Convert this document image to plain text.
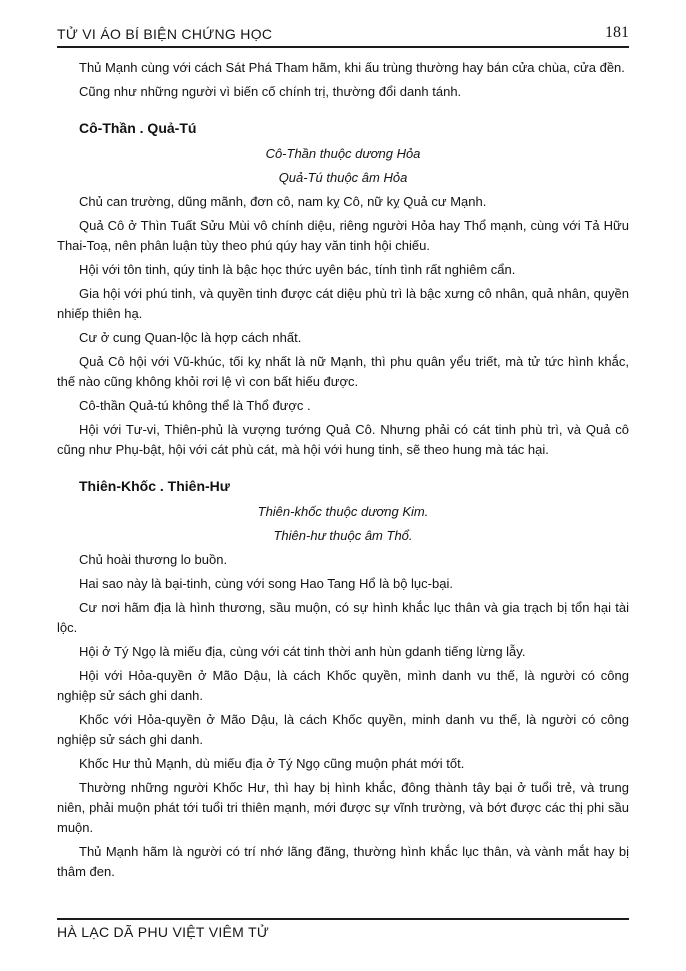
TỬ VI ÁO BÍ BIỆN CHỨNG HỌC	181

Thủ Mạnh cùng với cách Sát Phá Tham hãm, khi ấu trùng thường hay bán cửa chùa, cửa đền.

Cũng như những người vì biến cố chính trị, thường đổi danh tánh.

Cô-Thần . Quả-Tú

Cô-Thần thuộc dương Hỏa

Quả-Tú thuộc âm Hỏa

Chủ can trường, dũng mãnh, đơn cô, nam kỵ Cô, nữ kỵ Quả cư Mạnh.

Quả Cô ở Thìn Tuất Sửu Mùi vô chính diệu, riêng người Hỏa hay Thổ mạnh, cùng với Tả Hữu Thai-Toạ, nên phân luận tùy theo phú qúy hay văn tinh hội chiếu.

Hội với tôn tinh, qúy tinh là bậc học thức uyên bác, tính tình rất nghiêm cẩn.

Gia hội với phú tinh, và quyền tinh được cát diệu phù trì là bậc xưng cô nhân, quả nhân, quyền nhiếp thiên hạ.

Cư ở cung Quan-lộc là hợp cách nhất.

Quả Cô hội với Vũ-khúc, tối kỵ nhất là nữ Mạnh, thì phu quân yểu triết, mà tử tức hình khắc, thế nào cũng không khỏi rơi lệ vì con bất hiếu được.

Cô-thần Quả-tú không thể là Thổ được .

Hội với Tư-vi, Thiên-phủ là vượng tướng Quả Cô. Nhưng phải có cát tinh phù trì, và Quả cô cũng như Phụ-bật, hội với cát phù cát, mà hội với hung tinh, sẽ theo hung mà tác hại.

Thiên-Khốc . Thiên-Hư

Thiên-khốc thuộc dương Kim.

Thiên-hư thuộc âm Thổ.

Chủ hoài thương lo buồn.

Hai sao này là bại-tinh, cùng với song Hao Tang Hổ là bộ lục-bại.

Cư nơi hãm địa là hình thương, sầu muộn, có sự hình khắc lục thân và gia trạch bị tổn hại tài lộc.

Hội ở Tý Ngọ là miếu địa, cùng với cát tinh thời anh hùn gdanh tiếng lừng lẫy.

Hội với Hỏa-quyền ở Mão Dậu, là cách Khốc quyền, mình danh vu thế, là người có công nghiệp sử sách ghi danh.

Khốc với Hỏa-quyền ở Mão Dậu, là cách Khốc quyền, minh danh vu thế, là người có công nghiệp sử sách ghi danh.

Khốc Hư thủ Mạnh, dù miếu địa ở Tý Ngọ cũng muộn phát mới tốt.

Thường những người Khốc Hư, thì hay bị hình khắc, đông thành tây bại ở tuổi trẻ, và trung niên, phải muộn phát tới tuổi tri thiên mạnh, mới được sự vĩnh trường, và bớt được các thị phi sầu muộn.

Thủ Mạnh hãm là người có trí nhớ lãng đãng, thường hình khắc lục thân, và vành mắt hay bị thâm đen.

HÀ LẠC DÃ PHU VIỆT VIÊM TỬ
